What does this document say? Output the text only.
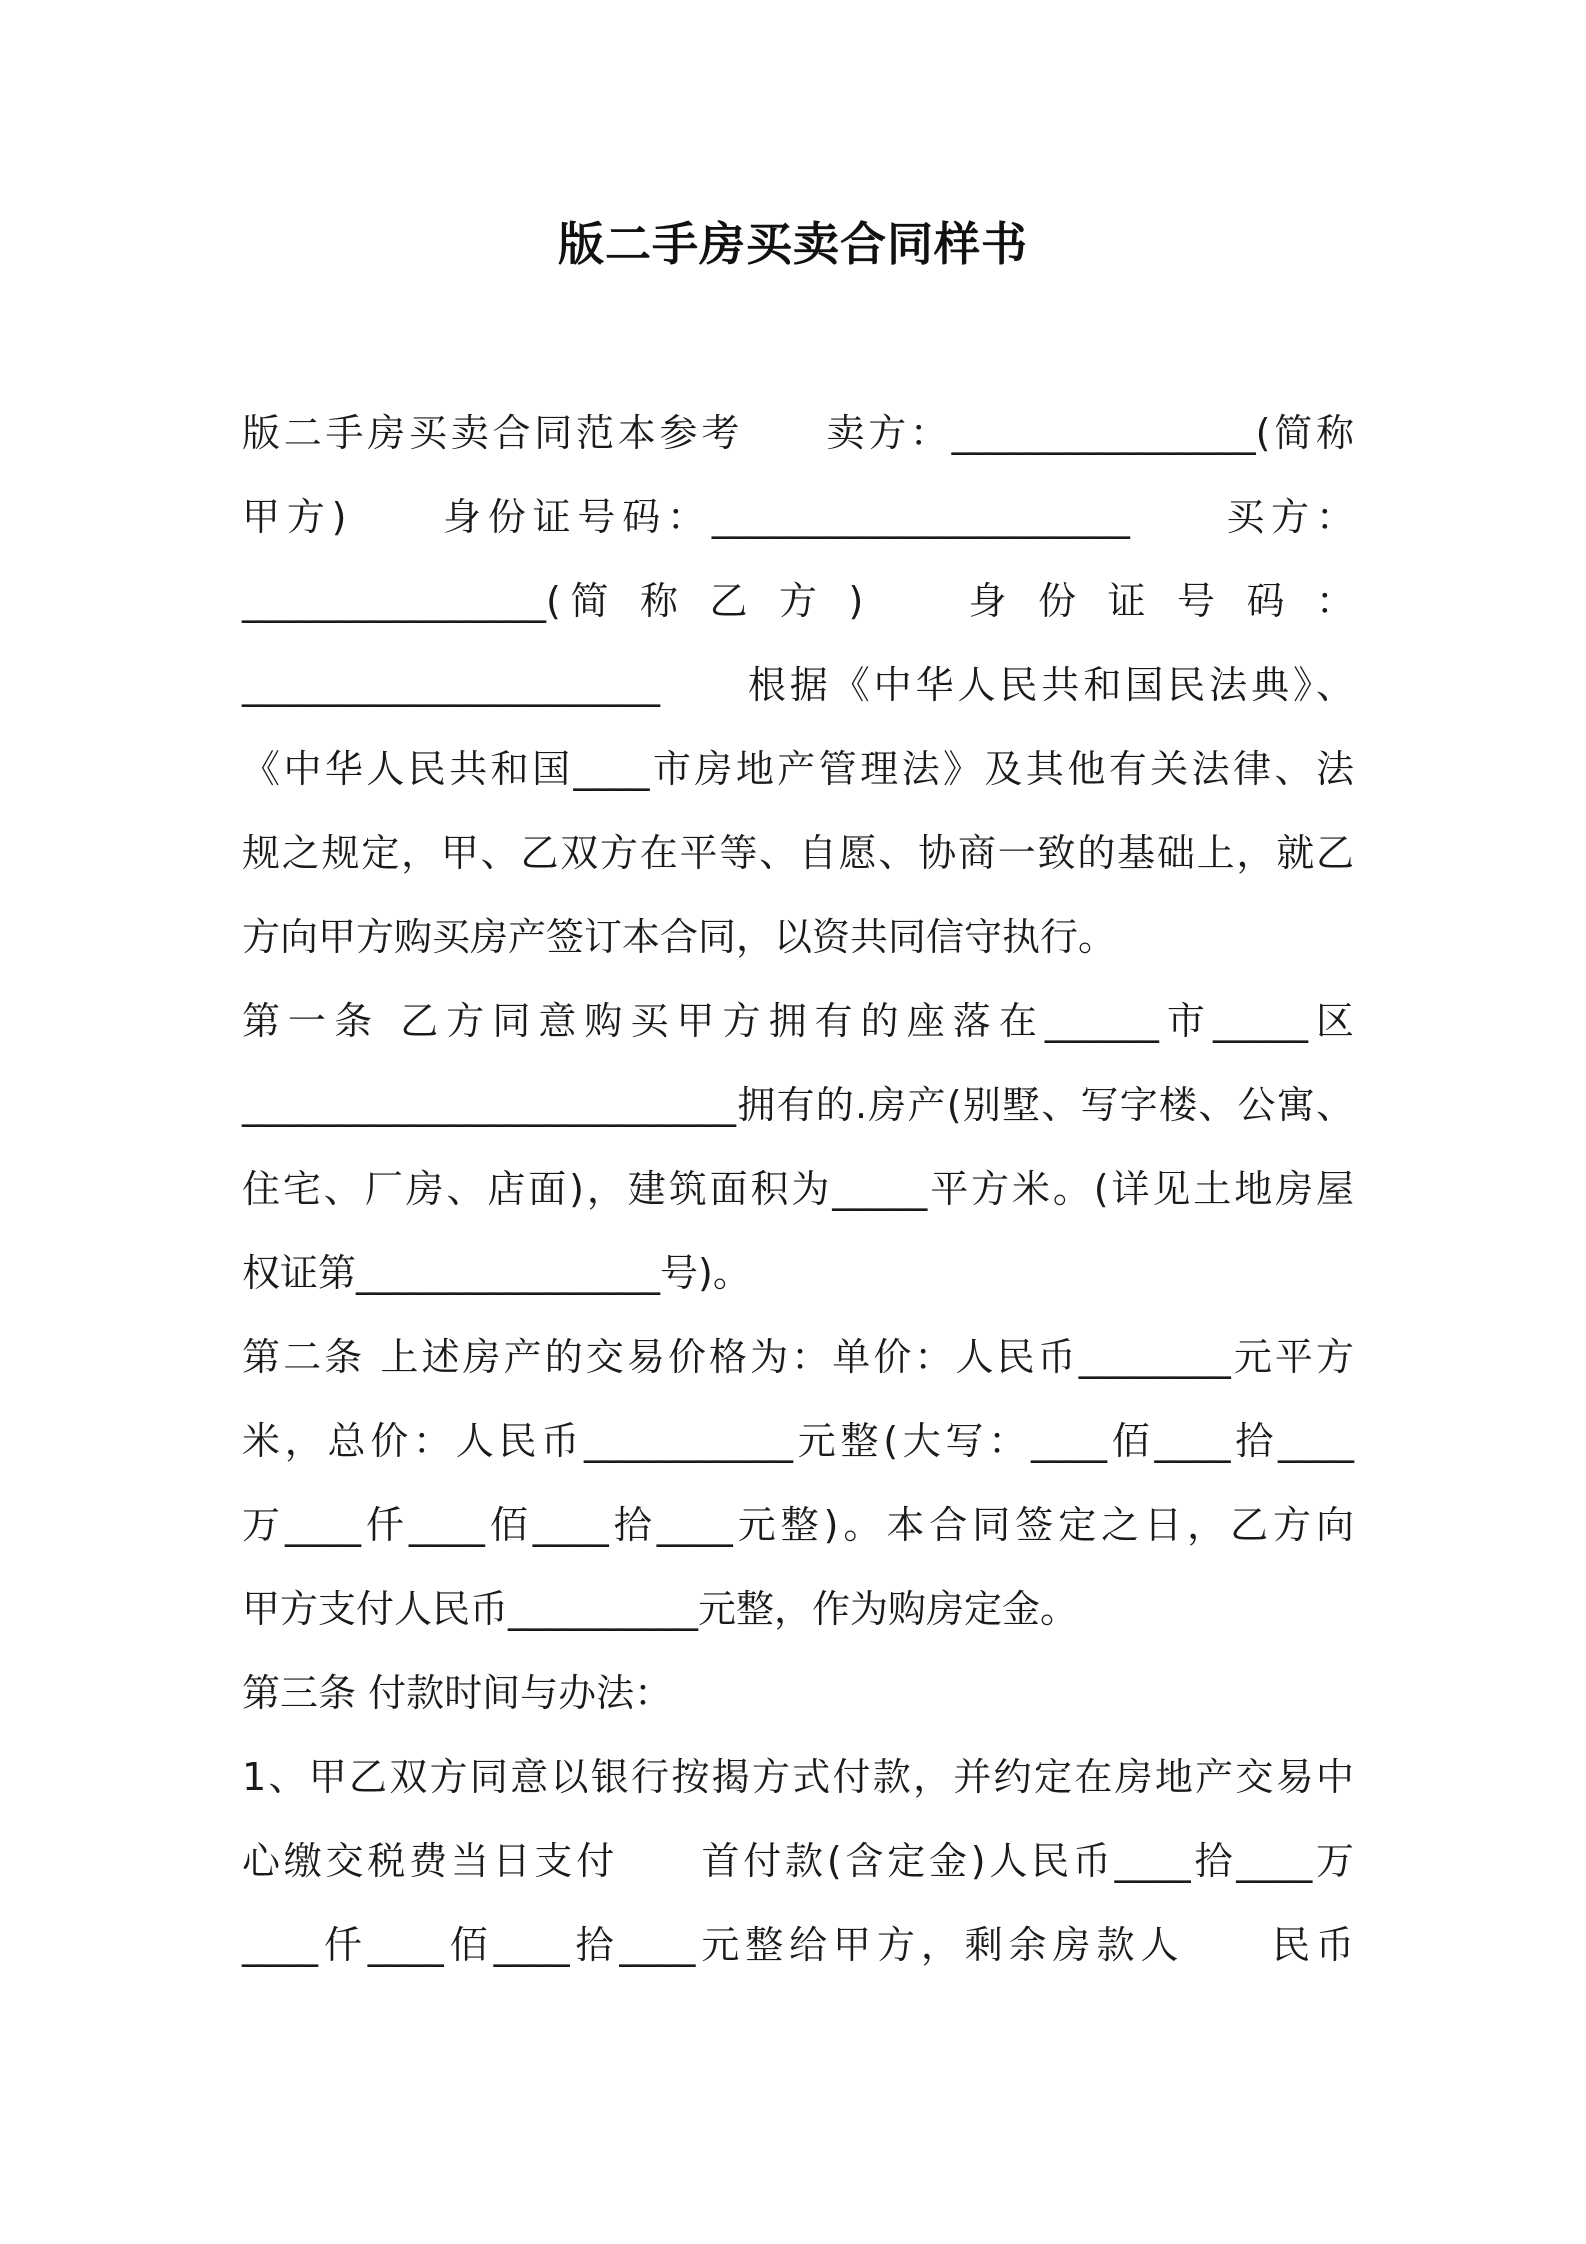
版二手房买卖合同样书
版二手房买卖合同范本参考　　卖方：________________(简称
甲方)　　身份证号码：______________________　　买方：
________________(简 称 乙 方 )　　身 份 证 号 码 ：
______________________　　根据《中华人民共和国民法典》、
《中华人民共和国____市房地产管理法》及其他有关法律、法
规之规定，甲、乙双方在平等、自愿、协商一致的基础上，就乙
方向甲方购买房产签订本合同，以资共同信守执行。
第一条 乙方同意购买甲方拥有的座落在______市_____区
__________________________拥有的.房产(别墅、写字楼、公寓、
住宅、厂房、店面)，建筑面积为_____平方米。(详见土地房屋
权证第________________号)。
第二条 上述房产的交易价格为：单价：人民币________元平方
米，总价：人民币___________元整(大写：____佰____拾____
万____仟____佰____拾____元整)。本合同签定之日，乙方向
甲方支付人民币__________元整，作为购房定金。
第三条 付款时间与办法：
1、甲乙双方同意以银行按揭方式付款，并约定在房地产交易中
心缴交税费当日支付　　首付款(含定金)人民币____拾____万
____仟____佰____拾____元整给甲方，剩余房款人　　民币
